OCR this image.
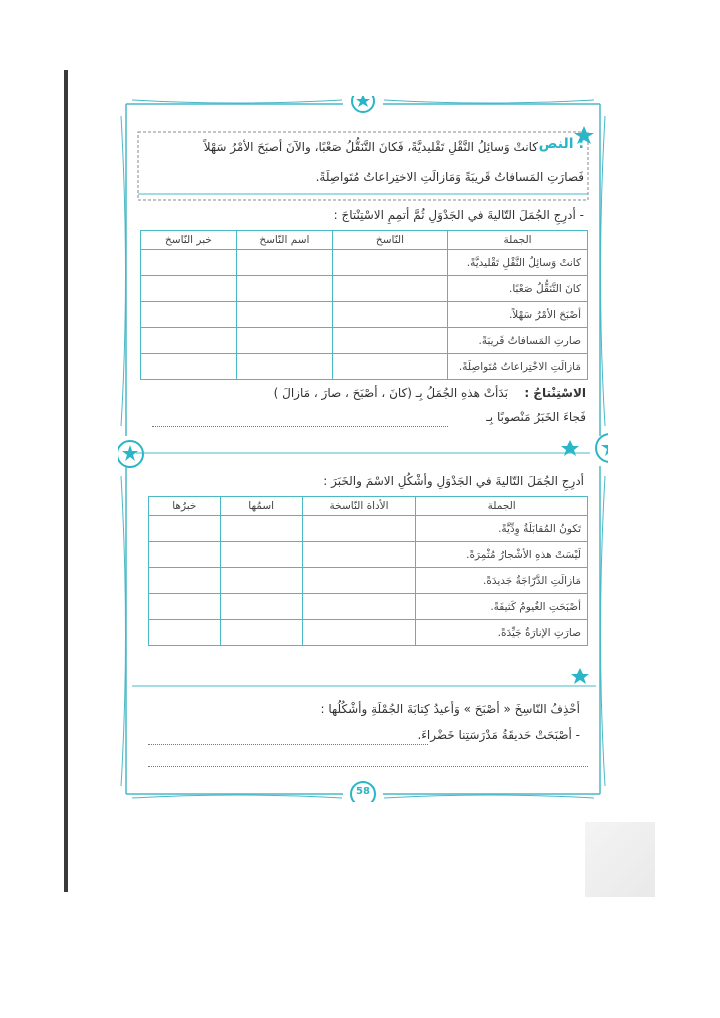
النص :
كانتْ وَسائِلُ النَّقْلِ تَقْليديَّةً، فَكانَ التَّنَقُّلُ صَعْبًا، والآنَ أصبَحَ الأمْرُ سَهْلاً
فَصارَتِ المَسافاتُ قَريبَةً وَمَازالَتِ الاختِراعاتُ مُتَواصِلَةً.
- أدرِجِ الجُمَلَ التّاليةَ في الجَدْوَلِ ثُمَّ أتمِمِ الاسْتِنْتاجَ :
الجملة	النّاسخ	اسم النّاسخ	خبر النّاسخ
كانتْ وَسائِلُ النَّقْلِ تَقْليديَّةً.			
كانَ التَّنَقُّلُ صَعْبًا.			
أصْبَحَ الأمْرُ سَهْلاً.			
صارتِ المَسافاتُ قَريبَةً.			
مَازالَتِ الاخْتِراعاتُ مُتَواصِلَةً.			
الاسْتِنْتاجُ :
بَدَأتْ هذهِ الجُمَلُ بِـ (كانَ ، أصْبَحَ ، صارَ ، مَازالَ )
فَجاءَ الخَبَرُ مَنْصوبًا بِـ
أدرِجِ الجُمَلَ التّاليةَ في الجَدْوَلِ وأشْكُلِ الاسْمَ والخَبَرَ :
الجملة	الأداة النّاسخة	اسمُها	خبرُها
تَكونُ المُقابَلَةُ وِدِّيَّةً.			
لَيْسَتْ هذهِ الأشْجارُ مُثْمِرَةً.			
مَازالَتِ الدَّرّاجَةُ جَديدَةً.			
أصْبَحَتِ الغُيومُ كَثيفَةً.			
صارَتِ الإنارَةُ جَيِّدَةً.			
أحْذِفُ النّاسِخَ « أصْبَحَ » وَأعيدُ كِتابَةَ الجُمْلَةِ وأشْكُلُها :
- أصْبَحَتْ حَديقَةُ مَدْرَسَتِنا خَضْراءَ.
58
